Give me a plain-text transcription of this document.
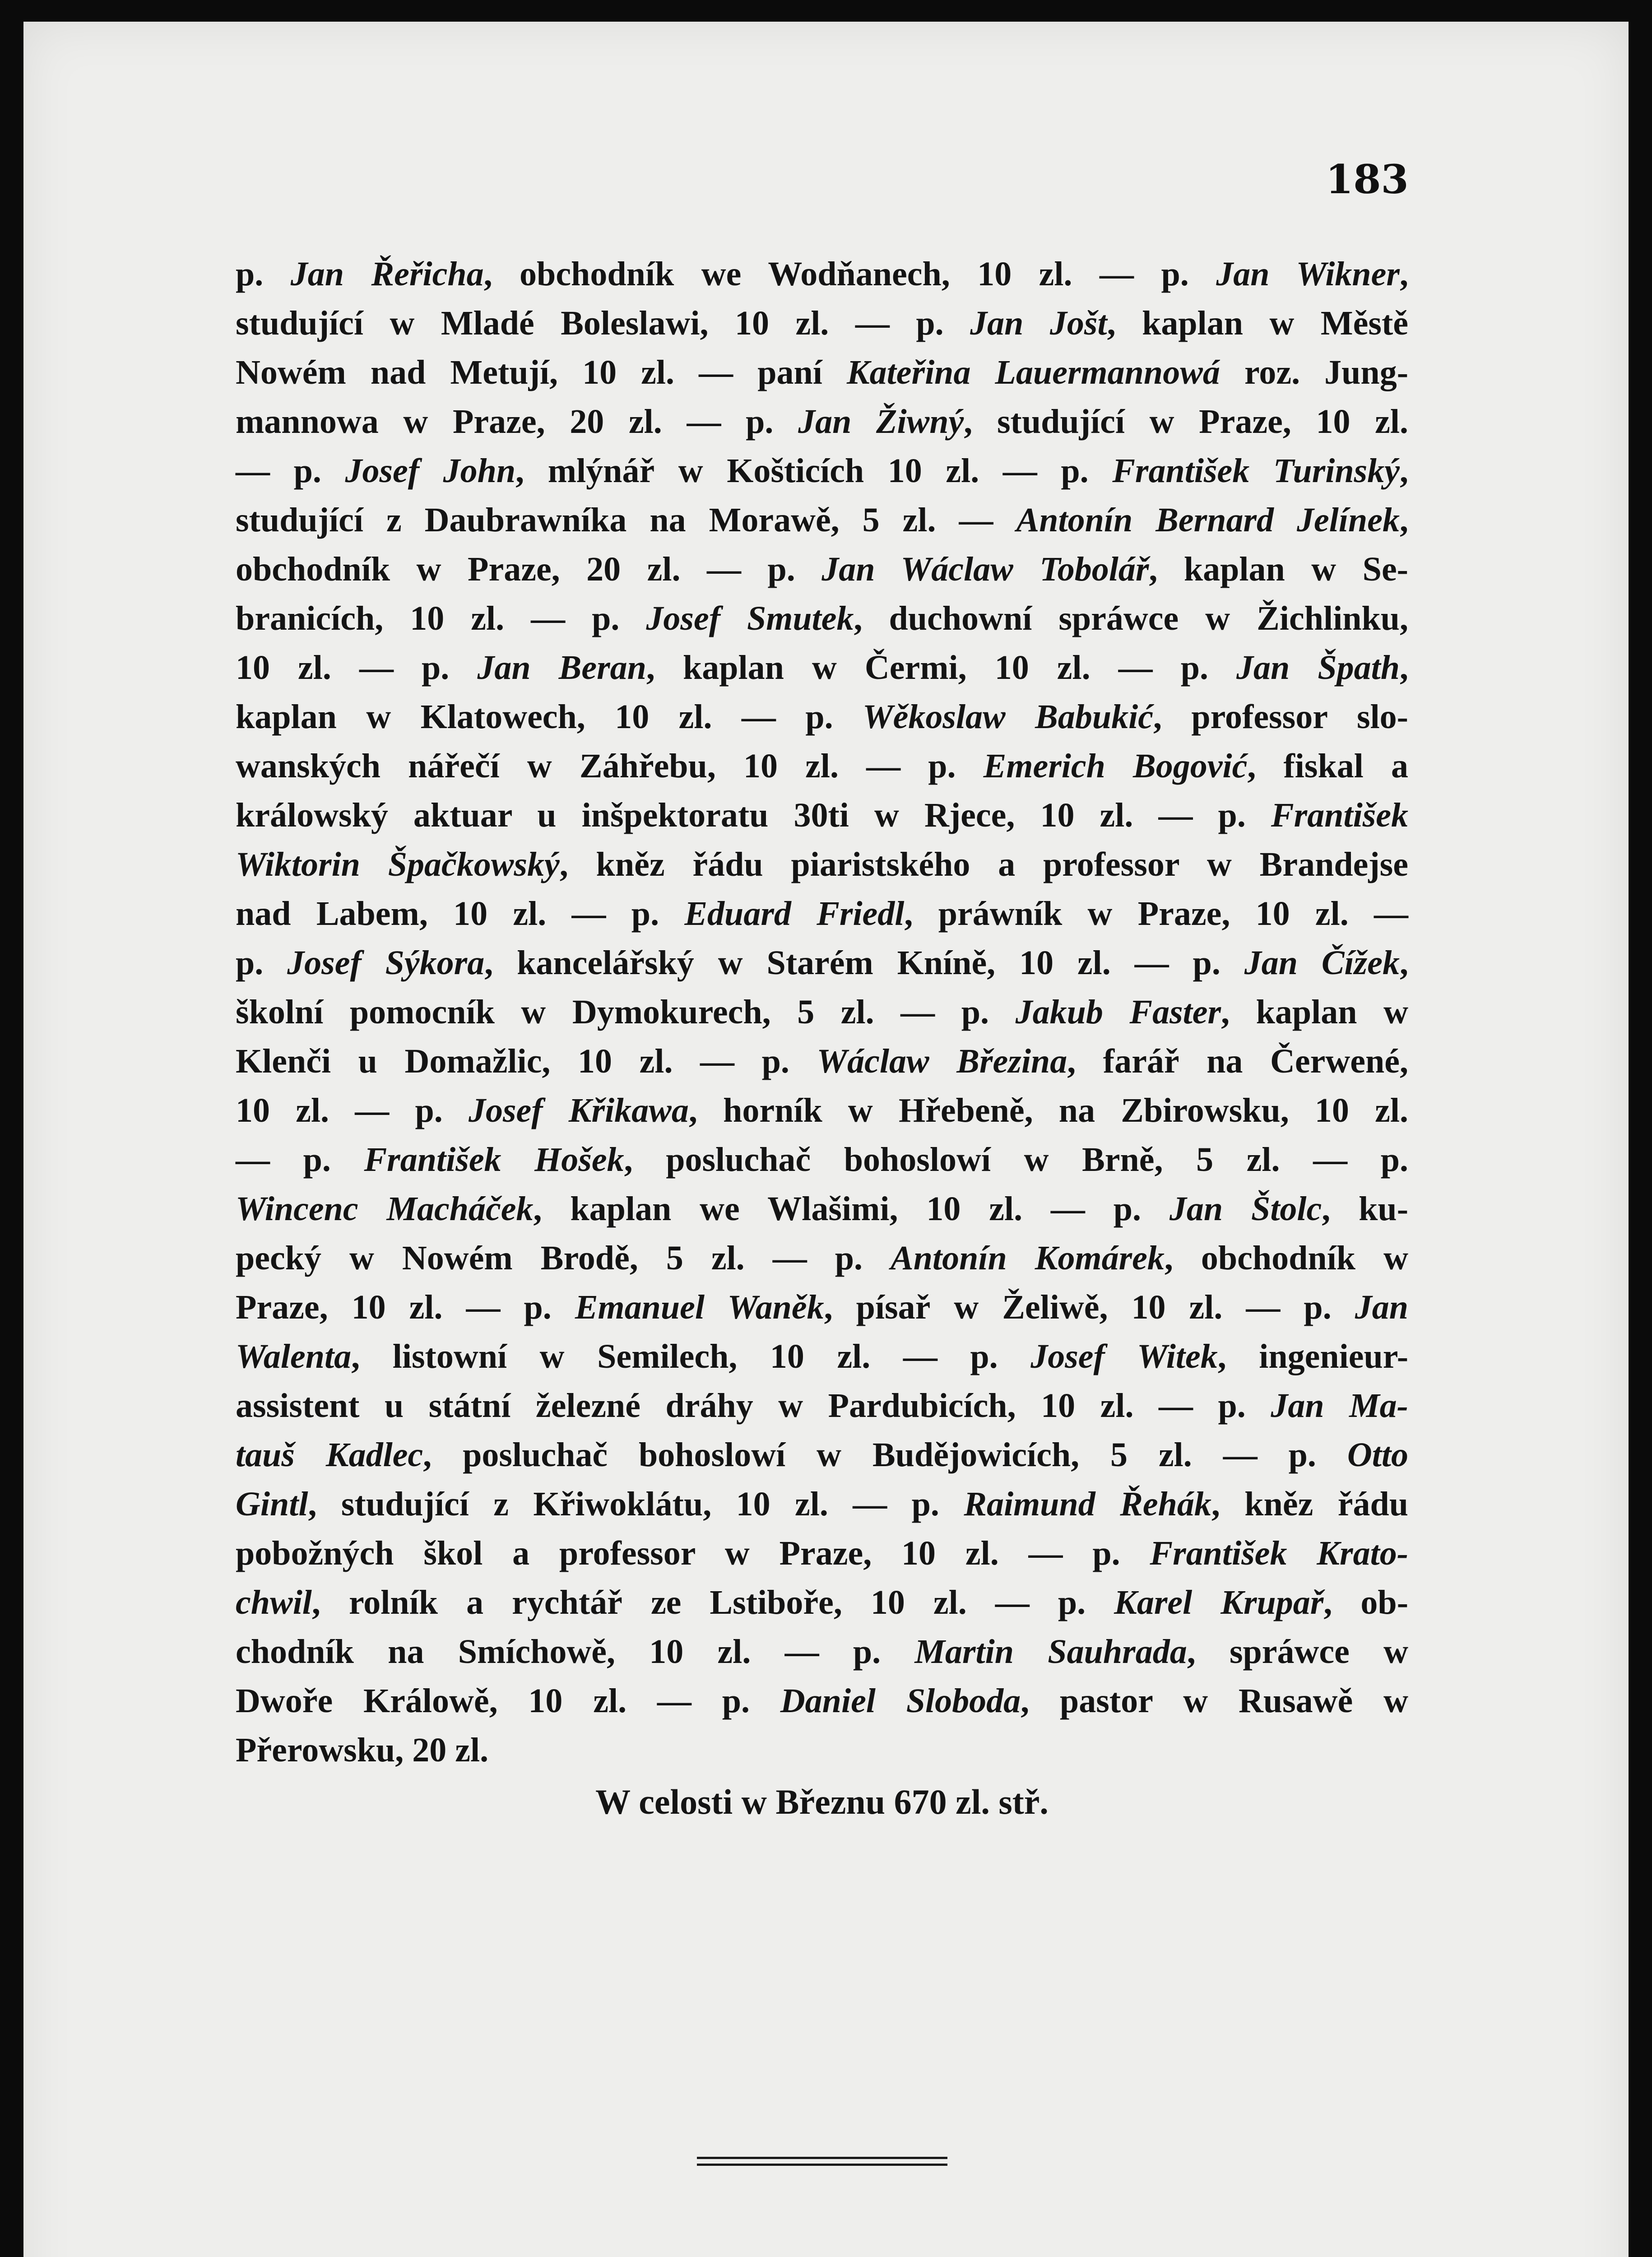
183

p. Jan Řeřicha, obchodník we Wodňanech, 10 zl. — p. Jan Wikner,
studující w Mladé Boleslawi, 10 zl. — p. Jan Jošt, kaplan w Městě
Nowém nad Metují, 10 zl. — paní Kateřina Lauermannowá roz. Jung-
mannowa w Praze, 20 zl. — p. Jan Žiwný, studující w Praze, 10 zl.
— p. Josef John, mlýnář w Košticích 10 zl. — p. František Turinský,
studující z Daubrawníka na Morawě, 5 zl. — Antonín Bernard Jelínek,
obchodník w Praze, 20 zl. — p. Jan Wáclaw Tobolář, kaplan w Se-
branicích, 10 zl. — p. Josef Smutek, duchowní spráwce w Žichlinku,
10 zl. — p. Jan Beran, kaplan w Čermi, 10 zl. — p. Jan Špath,
kaplan w Klatowech, 10 zl. — p. Wěkoslaw Babukić, professor slo-
wanských nářečí w Záhřebu, 10 zl. — p. Emerich Bogović, fiskal a
králowský aktuar u inšpektoratu 30ti w Rjece, 10 zl. — p. František
Wiktorin Špačkowský, kněz řádu piaristského a professor w Brandejse
nad Labem, 10 zl. — p. Eduard Friedl, práwník w Praze, 10 zl. —
p. Josef Sýkora, kancelářský w Starém Kníně, 10 zl. — p. Jan Čížek,
školní pomocník w Dymokurech, 5 zl. — p. Jakub Faster, kaplan w
Klenči u Domažlic, 10 zl. — p. Wáclaw Březina, farář na Čerwené,
10 zl. — p. Josef Křikawa, horník w Hřebeně, na Zbirowsku, 10 zl.
— p. František Hošek, posluchač bohoslowí w Brně, 5 zl. — p.
Wincenc Macháček, kaplan we Wlašimi, 10 zl. — p. Jan Štolc, ku-
pecký w Nowém Brodě, 5 zl. — p. Antonín Komárek, obchodník w
Praze, 10 zl. — p. Emanuel Waněk, písař w Želiwě, 10 zl. — p. Jan
Walenta, listowní w Semilech, 10 zl. — p. Josef Witek, ingenieur-
assistent u státní železné dráhy w Pardubicích, 10 zl. — p. Jan Ma-
tauš Kadlec, posluchač bohoslowí w Budějowicích, 5 zl. — p. Otto
Gintl, studující z Křiwoklátu, 10 zl. — p. Raimund Řehák, kněz řádu
pobožných škol a professor w Praze, 10 zl. — p. František Krato-
chwil, rolník a rychtář ze Lstiboře, 10 zl. — p. Karel Krupař, ob-
chodník na Smíchowě, 10 zl. — p. Martin Sauhrada, spráwce w
Dwoře Králowě, 10 zl. — p. Daniel Sloboda, pastor w Rusawě w
Přerowsku, 20 zl.

W celosti w Březnu 670 zl. stř.
